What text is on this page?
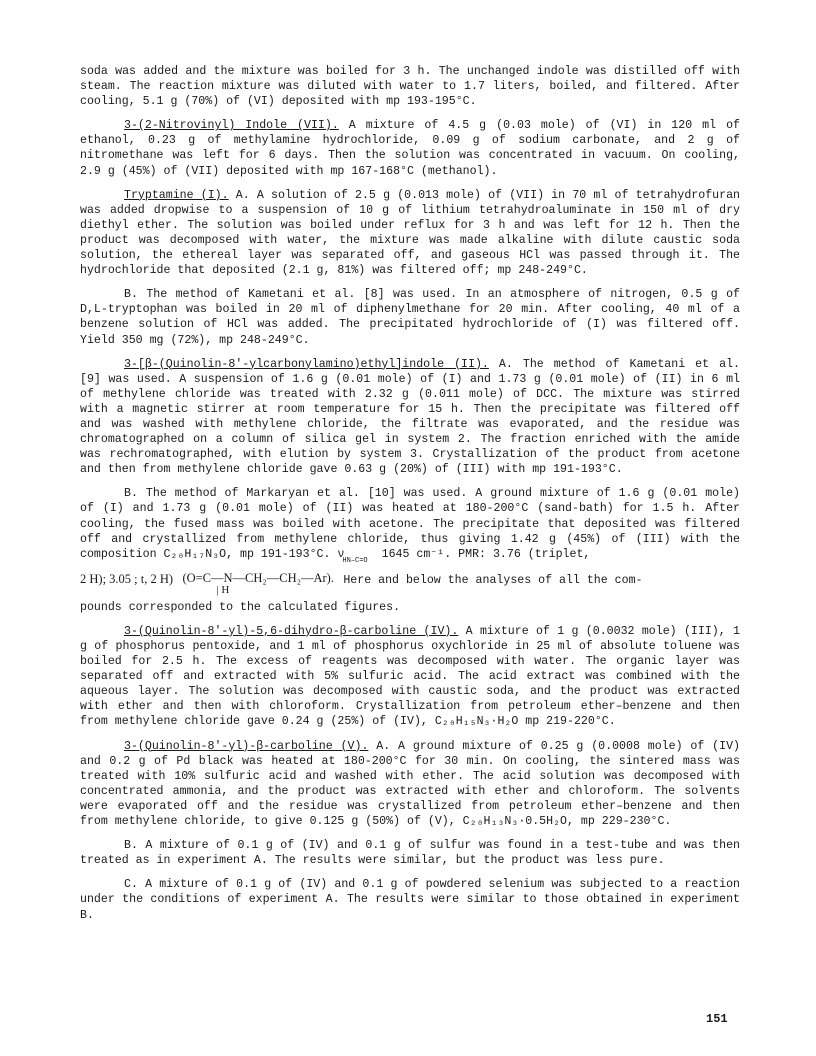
soda was added and the mixture was boiled for 3 h. The unchanged indole was distilled off with steam. The reaction mixture was diluted with water to 1.7 liters, boiled, and filtered. After cooling, 5.1 g (70%) of (VI) deposited with mp 193-195°C.

3-(2-Nitrovinyl) Indole (VII). A mixture of 4.5 g (0.03 mole) of (VI) in 120 ml of ethanol, 0.23 g of methylamine hydrochloride, 0.09 g of sodium carbonate, and 2 g of nitromethane was left for 6 days. Then the solution was concentrated in vacuum. On cooling, 2.9 g (45%) of (VII) deposited with mp 167-168°C (methanol).

Tryptamine (I). A. A solution of 2.5 g (0.013 mole) of (VII) in 70 ml of tetrahydrofuran was added dropwise to a suspension of 10 g of lithium tetrahydroaluminate in 150 ml of dry diethyl ether. The solution was boiled under reflux for 3 h and was left for 12 h. Then the product was decomposed with water, the mixture was made alkaline with dilute caustic soda solution, the ethereal layer was separated off, and gaseous HCl was passed through it. The hydrochloride that deposited (2.1 g, 81%) was filtered off; mp 248-249°C.

B. The method of Kametani et al. [8] was used. In an atmosphere of nitrogen, 0.5 g of D,L-tryptophan was boiled in 20 ml of diphenylmethane for 20 min. After cooling, 40 ml of a benzene solution of HCl was added. The precipitated hydrochloride of (I) was filtered off. Yield 350 mg (72%), mp 248-249°C.

3-[β-(Quinolin-8'-ylcarbonylamino)ethyl]indole (II). A. The method of Kametani et al. [9] was used. A suspension of 1.6 g (0.01 mole) of (I) and 1.73 g (0.01 mole) of (II) in 6 ml of methylene chloride was treated with 2.32 g (0.011 mole) of DCC. The mixture was stirred with a magnetic stirrer at room temperature for 15 h. Then the precipitate was filtered off and was washed with methylene chloride, the filtrate was evaporated, and the residue was chromatographed on a column of silica gel in system 2. The fraction enriched with the amide was rechromatographed, with elution by system 3. Crystallization of the product from acetone and then from methylene chloride gave 0.63 g (20%) of (III) with mp 191-193°C.

B. The method of Markaryan et al. [10] was used. A ground mixture of 1.6 g (0.01 mole) of (I) and 1.73 g (0.01 mole) of (II) was heated at 180-200°C (sand-bath) for 1.5 h. After cooling, the fused mass was boiled with acetone. The precipitate that deposited was filtered off and crystallized from methylene chloride, thus giving 1.42 g (45%) of (III) with the composition C₂₀H₁₇N₃O, mp 191-193°C. $\nu_{HN-C=O}$ 1645 cm⁻¹. PMR: 3.76 (triplet,

2 H); 3.05 ; t, 2 H) (O=C—N—CH₂—CH₂—Ar).
| H
Here and below the analyses of all the com-

pounds corresponded to the calculated figures.

3-(Quinolin-8'-yl)-5,6-dihydro-β-carboline (IV). A mixture of 1 g (0.0032 mole) (III), 1 g of phosphorus pentoxide, and 1 ml of phosphorus oxychloride in 25 ml of absolute toluene was boiled for 2.5 h. The excess of reagents was decomposed with water. The organic layer was separated off and extracted with 5% sulfuric acid. The acid extract was combined with the aqueous layer. The solution was decomposed with caustic soda, and the product was extracted with ether and then with chloroform. Crystallization from petroleum ether–benzene and then from methylene chloride gave 0.24 g (25%) of (IV), C₂₀H₁₅N₃·H₂O mp 219-220°C.

3-(Quinolin-8'-yl)-β-carboline (V). A. A ground mixture of 0.25 g (0.0008 mole) of (IV) and 0.2 g of Pd black was heated at 180-200°C for 30 min. On cooling, the sintered mass was treated with 10% sulfuric acid and washed with ether. The acid solution was decomposed with concentrated ammonia, and the product was extracted with ether and chloroform. The solvents were evaporated off and the residue was crystallized from petroleum ether–benzene and then from methylene chloride, to give 0.125 g (50%) of (V), C₂₀H₁₃N₃·0.5H₂O, mp 229-230°C.

B. A mixture of 0.1 g of (IV) and 0.1 g of sulfur was found in a test-tube and was then treated as in experiment A. The results were similar, but the product was less pure.

C. A mixture of 0.1 g of (IV) and 0.1 g of powdered selenium was subjected to a reaction under the conditions of experiment A. The results were similar to those obtained in experiment B.

151
